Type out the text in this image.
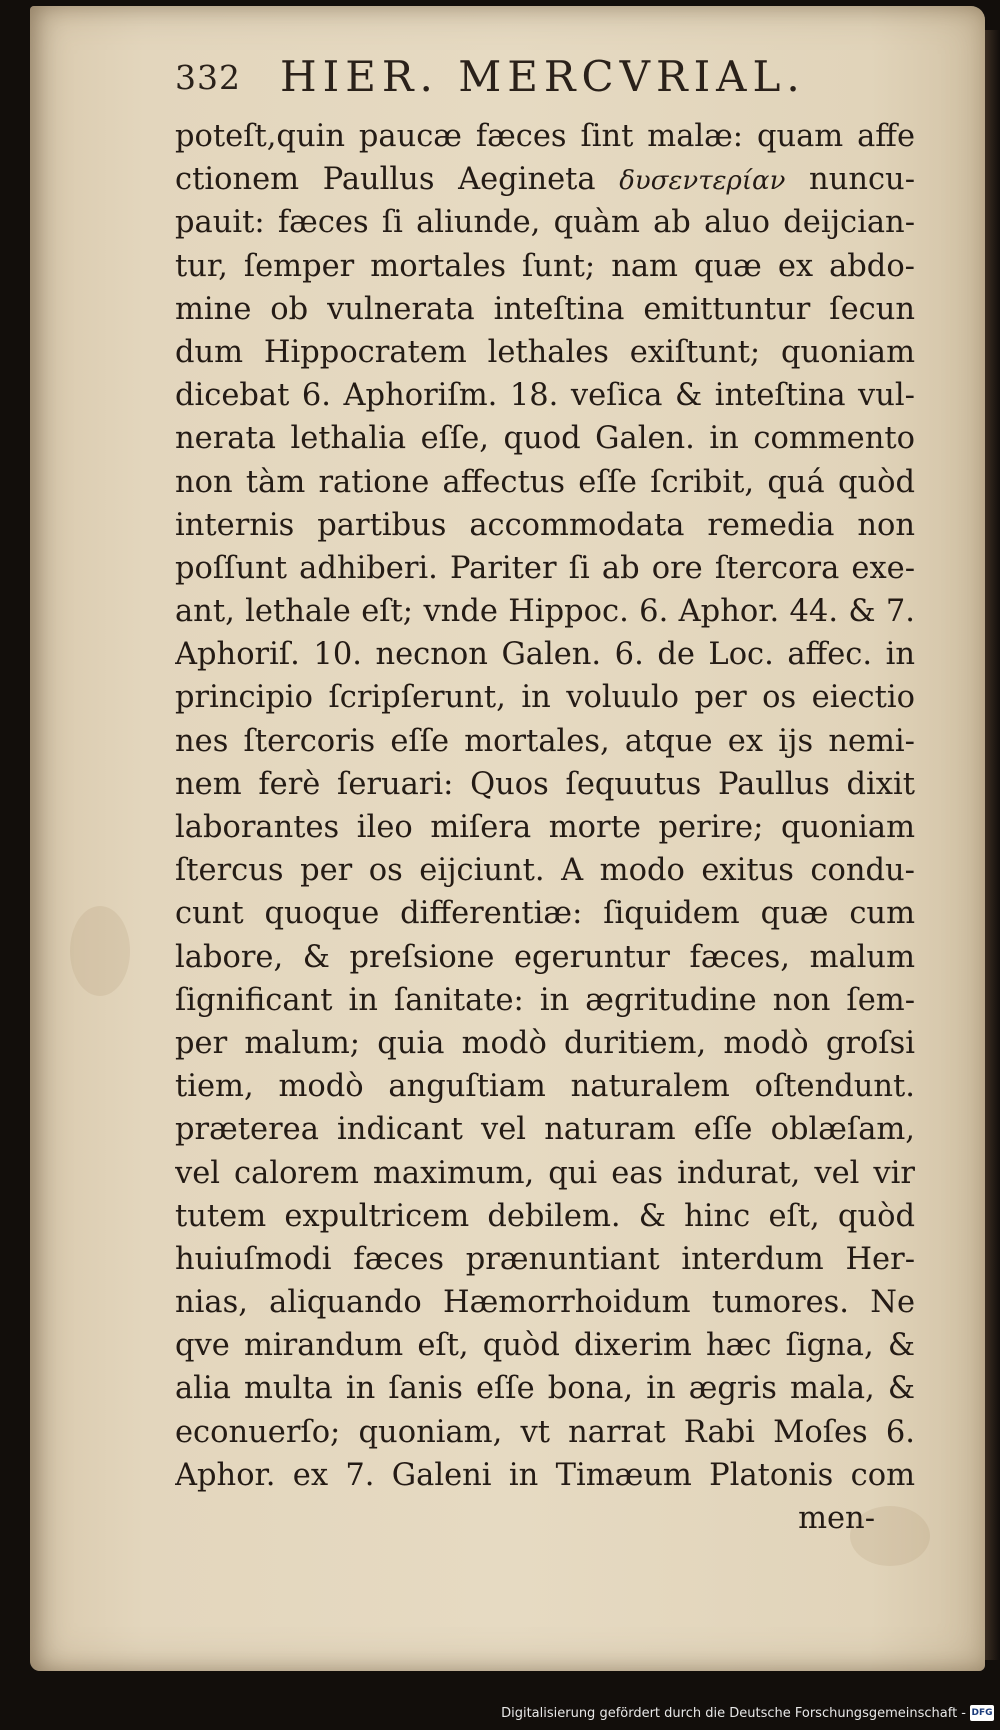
332 HIER. MERCVRIAL.
poteſt,quin paucæ fæces ſint malæ: quam affe
ctionem Paullus Aegineta δυσεντερίαν nuncu-
pauit: fæces ſi aliunde, quàm ab aluo deijcian-
tur, ſemper mortales ſunt; nam quæ ex abdo-
mine ob vulnerata inteſtina emittuntur ſecun
dum Hippocratem lethales exiſtunt; quoniam
dicebat 6. Aphoriſm. 18. veſica & inteſtina vul-
nerata lethalia eſſe, quod Galen. in commento
non tàm ratione affectus eſſe ſcribit, quá quòd
internis partibus accommodata remedia non
poſſunt adhiberi. Pariter ſi ab ore ſtercora exe-
ant, lethale eſt; vnde Hippoc. 6. Aphor. 44. & 7.
Aphoriſ. 10. necnon Galen. 6. de Loc. affec. in
principio ſcripſerunt, in voluulo per os eiectio
nes ſtercoris eſſe mortales, atque ex ijs nemi-
nem ferè ſeruari: Quos ſequutus Paullus dixit
laborantes ileo miſera morte perire; quoniam
ſtercus per os eijciunt. A modo exitus condu-
cunt quoque differentiæ: ſiquidem quæ cum
labore, & preſsione egeruntur fæces, malum
ſignificant in ſanitate: in ægritudine non ſem-
per malum; quia modò duritiem, modò groſsi
tiem, modò anguſtiam naturalem oſtendunt.
præterea indicant vel naturam eſſe oblæſam,
vel calorem maximum, qui eas indurat, vel vir
tutem expultricem debilem. & hinc eſt, quòd
huiuſmodi fæces prænuntiant interdum Her-
nias, aliquando Hæmorrhoidum tumores. Ne
qve mirandum eſt, quòd dixerim hæc ſigna, &
alia multa in ſanis eſſe bona, in ægris mala, &
econuerſo; quoniam, vt narrat Rabi Moſes 6.
Aphor. ex 7. Galeni in Timæum Platonis com
men-
Digitalisierung gefördert durch die Deutsche Forschungsgemeinschaft - DFG
